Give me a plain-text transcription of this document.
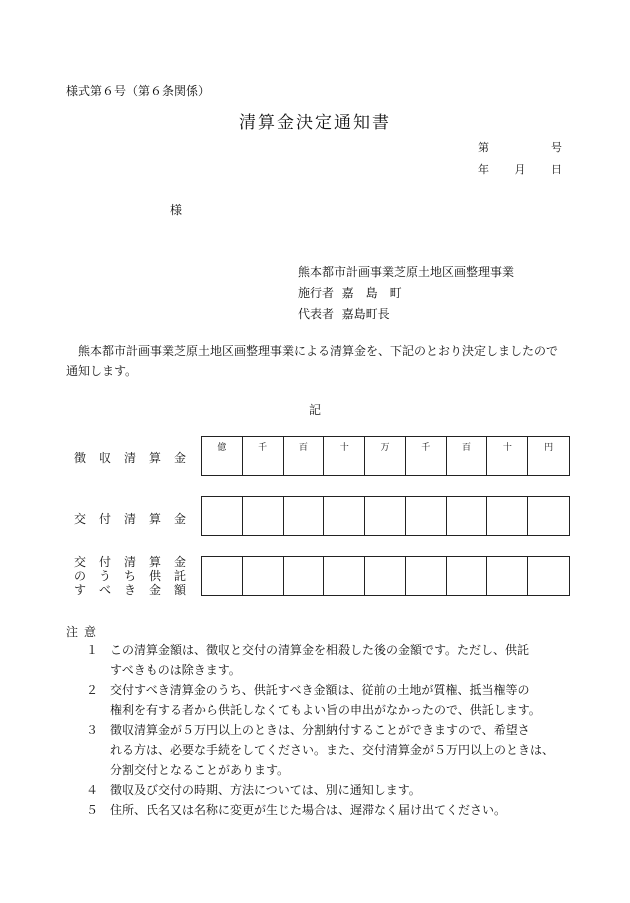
様式第６号（第６条関係）
清算金決定通知書
第	号
年 月 日
様
熊本都市計画事業芝原土地区画整理事業
施行者 嘉　島　町
代表者 嘉島町長
熊本都市計画事業芝原土地区画整理事業による清算金を、下記のとおり決定しましたので通知します。
記
徴 収 清 算 金
億	千	百	十	万	千	百	十	円
交 付 清 算 金
交 付 清 算 金
の う ち 供 託
す べ き 金 額
注意
１	この清算金額は、徴収と交付の清算金を相殺した後の金額です。ただし、供託
すべきものは除きます。
２	交付すべき清算金のうち、供託すべき金額は、従前の土地が質権、抵当権等の
権利を有する者から供託しなくてもよい旨の申出がなかったので、供託します。
３	徴収清算金が５万円以上のときは、分割納付することができますので、希望さ
れる方は、必要な手続をしてください。また、交付清算金が５万円以上のときは、
分割交付となることがあります。
４	徴収及び交付の時期、方法については、別に通知します。
５	住所、氏名又は名称に変更が生じた場合は、遅滞なく届け出てください。
